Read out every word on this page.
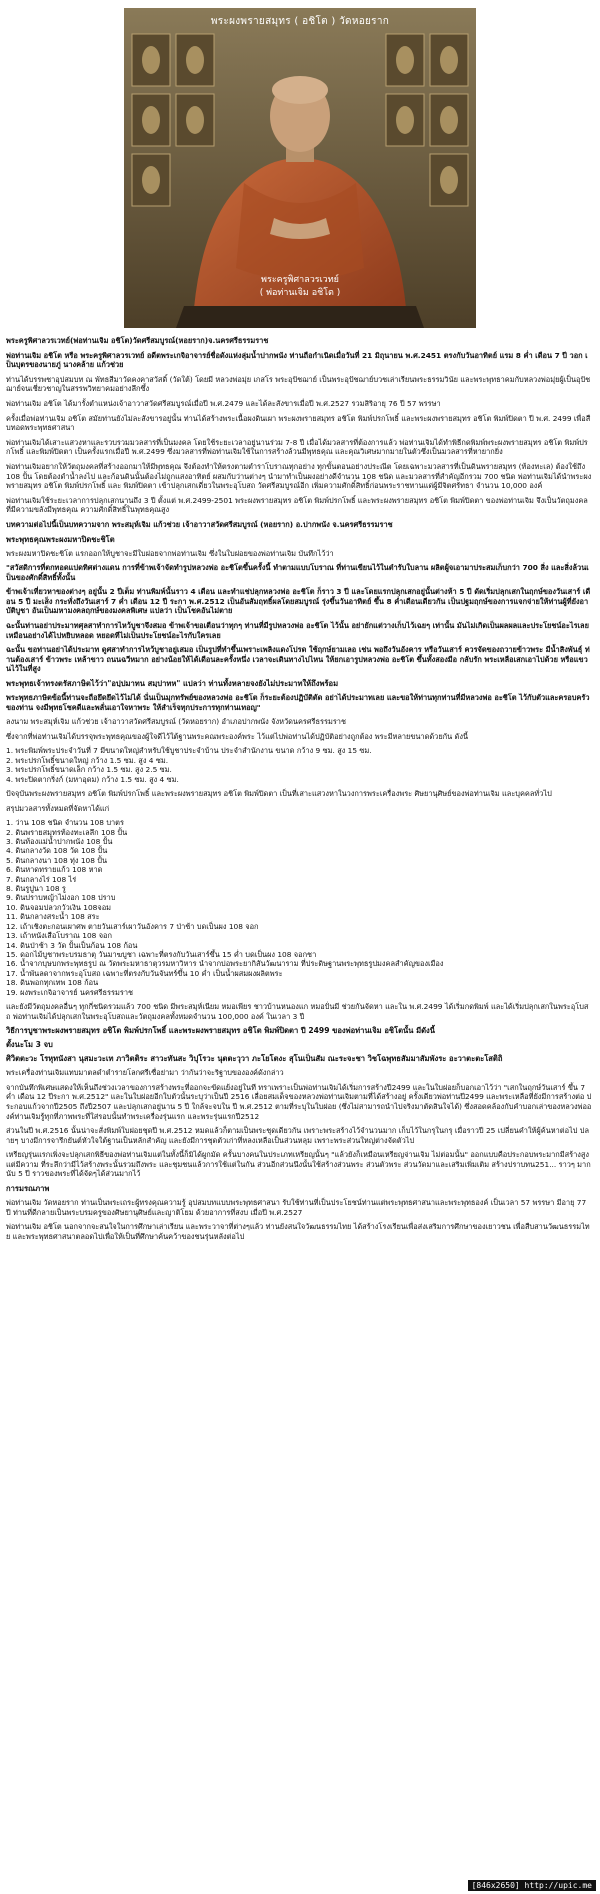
พระผงพรายสมุทร ( อชิโต ) วัดหอยราก
พระครูพิศาลวรเวทย์
( พ่อท่านเจิม อชิโต )

พระครูพิศาลวรเวทย์(พ่อท่านเจิม อชิโต)วัดศรีสมบูรณ์(หอยราก)จ.นครศรีธรรมราช

พ่อท่านเจิม อชิโต หรือ พระครูพิศาลวรเวทย์ อดีตพระเกจิอาจารย์ชื่อดังแห่งลุ่มน้ำปากพนัง ท่านถือกำเนิดเมื่อวันที่ 21 มิถุนายน พ.ศ.2451 ตรงกับวันอาทิตย์ แรม 8 ค่ำ เดือน 7 ปี วอก เป็นบุตรของนายภู่ นางคล้าย แก้วช่วย

ท่านได้บรรพชาอุปสมบท ณ พัทธสีมาวัดคงคาสวัสดิ์ (วัดใต้) โดยมี หลวงพ่อมุ่ย เกสโร พระอุปัชฌาย์ เป็นพระอุปัชฌาย์บวชเล่าเรียนพระธรรมวินัย และพระพุทธาคมกับหลวงพ่อมุ่ยผู้เป็นอุปัชฌาย์จนเชี่ยวชาญในสรรพวิทยาคมอย่างลึกซึ้ง

พ่อท่านเจิม อชิโต ได้มารั้งตำแหน่งเจ้าอาวาสวัดศรีสมบูรณ์เมื่อปี พ.ศ.2479 และได้ละสังขารเมื่อปี พ.ศ.2527 รวมสิริอายุ 76 ปี 57 พรรษา

ครั้งเมื่อพ่อท่านเจิม อชิโต สมัยท่านยังไม่ละสังขารอยู่นั้น ท่านได้สร้างพระเนื้อผงดินเผา พระผงพรายสมุทร อชิโต พิมพ์ปรกโพธิ์ และพระผงพรายสมุทร อชิโต พิมพ์ปิดตา ปี พ.ศ. 2499 เพื่อสืบทอดพระพุทธศาสนา

พ่อท่านเจิมได้เสาะแสวงหาและรวบรวมมวลสารที่เป็นมงคล โดยใช้ระยะเวลาอยู่นานร่วม 7-8 ปี เมื่อได้มวลสารที่ต้องการแล้ว พ่อท่านเจิมได้ทำพิธีกดพิมพ์พระผงพรายสมุทร อชิโต พิมพ์ปรกโพธิ์ และพิมพ์ปิดตา เป็นครั้งแรกเมื่อปี พ.ศ.2499 ซึ่งมวลสารที่พ่อท่านเจิมใช้ในการสร้างล้วนมีพุทธคุณ และคุณวิเศษมากมายในตัวซึ่งเป็นมวลสารที่หายากยิ่ง

พ่อท่านเจิมอยากให้วัตถุมงคลที่สร้างออกมาให้มีพุทธคุณ จึงต้องทำให้ตรงตามตำราโบราณทุกอย่าง ทุกขั้นตอนอย่างประณีต โดยเฉพาะมวลสารที่เป็นดินพรายสมุทร (ท้องทะเล) ต้องใช้ถึง 108 ปั้น โดยต้องดำน้ำลงไป และก้อนดินนั้นต้องไม่ถูกแสงอาทิตย์ ผสมกับว่านต่างๆ นำมาทำเป็นผงอย่างดีจำนวน 108 ชนิด และมวลสารที่สำคัญอีกรวม 700 ชนิด พ่อท่านเจิมได้นำพระผงพรายสมุทร อชิโต พิมพ์ปรกโพธิ์ และ พิมพ์ปิดตา เข้าปลุกเสกเดี่ยวในพระอุโบสถ วัดศรีสมบูรณ์อีก เพิ่มความศักดิ์สิทธิ์ก่อนพระราชทานแด่ผู้มีจิตศรัทธา จำนวน 10,000 องค์

พ่อท่านเจิมใช้ระยะเวลาการปลุกเสกนานถึง 3 ปี ตั้งแต่ พ.ศ.2499-2501 พระผงพรายสมุทร อชิโต พิมพ์ปรกโพธิ์ และพระผงพรายสมุทร อชิโต พิมพ์ปิดตา ของพ่อท่านเจิม จึงเป็นวัตถุมงคลที่มีความขลังมีพุทธคุณ ความศักดิ์สิทธิ์ในพุทธคุณสูง

บทความต่อไปนี้เป็นบทความจาก พระสมุห์เจิม แก้วช่วย เจ้าอาวาสวัดศรีสมบูรณ์ (หอยราก) อ.ปากพนัง จ.นครศรีธรรมราช

พระพุทธคุณพระผงมหาปิดชะชิโต

พระผงมหาปิดชะชิโต แรกออกให้บูชาจะมีใบฝอยจากพ่อท่านเจิม ซึ่งในใบฝอยของพ่อท่านเจิม บันทึกไว้ว่า

"สวัสดิการที่ตกทอดแปดทิศต่างแดน การที่ข้าพเจ้าจัดทำรูปหลวงพ่อ อะชิโตขึ้นครั้งนี้ ทำตามแบบโบราณ ที่ท่านเขียนไว้ในตำรับใบลาน ผลิตผู้จเอามาประสมเก็บกว่า 700 สิ่ง และสิ่งล้วนเป็นของศักดิ์สิทธิ์ทั้งนั้น

ข้าพเจ้าเที่ยวหาของต่างๆ อยู่นั้น 2 ปีเต็ม ท่านพิมพ์นั้นราว 4 เดือน และทำแช่ปลุกหลวงพ่อ อะชิโต ก็ราว 3 ปี และโดยแรกปลุกเสกอยู่นั้นต่างห้า 5 ปี ดัดเริ่มปลุกเสกในฤกษ์ของวันเสาร์ เดือน 5 ปี มะเส็ง กระทั่งถึงวันเสาร์ 7 ค่ำ เดือน 12 ปี ระกา พ.ศ.2512 เป็นอันสัมฤทธิ์ผลโดยสมบูรณ์ รุ่งขึ้นวันอาทิตย์ ขึ้น 8 ค่ำเดือนเดียวกัน เป็นปฐมฤกษ์ของการแจกจ่ายให้ท่านผู้ที่ยังอาบัติบูชา อันเป็นมหามงคลฤกษ์ของมงคลพิเศษ แปลว่า เป็นโชคอันไม่ตาย

ฉะนั้นท่านอย่าประมาทศุลสาทำการไหว้บูชาจึงสมอ ข้าพเจ้าขอเตือนว่าทุกๆ ท่านที่มีรูปหลวงพ่อ อะชิโต ไว้นั้น อย่ายักแต่วางเก็บไว้เฉยๆ เท่านั้น มันไม่เกิดเป็นผลผลและประโยชน์อะไรเลย เหมือนอย่างได้ไปหยิบหลอด หยอดทีไม่เป็นประโยชน์อะไรกับใครเลย

ฉะนั้น ขอท่านอย่าได้ประมาท ดูศสาทำการไหว้บูชาอยู่เสมอ เป็นรูปที่ทำขึ้นเพราะเพลิงแดงโปรด ใช้ฤกษ์ยามเลอ เช่น พอถึงวันอังคาร หรือวันเสาร์ ควรจัดของถวายข้าวพระ มีน้ำสิงพันธุ์ ท่านต้องเสาร์ ข้าวพระ เหล้าขาว ถนนฉวีหมาก อย่างน้อยให้ได้เดือนละครั้งหนึ่ง เวลาจะเดินทางไปไหน ให้ยกเอารูปหลวงพ่อ อะชิโต ขึ้นทั้งสองมือ กลับรัก พระเหลือเสกเอาไปด้วย หรือแขวนไว้ในที่สูง

พระพุทธเจ้าทรงตรัสภาษิตไว้ว่า"อปฺปมาทน สมฺปาทห" แปลว่า ท่านทั้งหลายจงยังไม่ประมาทให้ถึงพร้อม

พระพุทธภาษิตข้อนี้ท่านจะถือยึดยึดไว้ไม่ได้ นั่นเป็นมุกทรัพย์ของหลวงพ่อ อะชิโต ก็ระยะต้องปฏิบัติตัด อย่าได้ประมาทเลย และขอให้ท่านทุกท่านที่มีหลวงพ่อ อะชิโต ไว้กับตัวและครอบครัวของท่าน จงมีพุทธโชคดีและพลั่นเอาใจหาพระ ให้สำเร็จทุกประการทุกท่านเทอญ"

ลงนาม พระสมุห์เจิม แก้วช่วย เจ้าอาวาสวัดศรีสมบูรณ์ (วัดหอยราก) อำเภอปากพนัง จังหวัดนครศรีธรรมราช

ซึ่งจากที่พ่อท่านเจิมได้บรรจุพระพุทธคุณของผู้ใจดีไว้ใต้ฐานพระคณพระองค์พระ ไว้แต่ไปพ่อท่านได้ปฏิบัติอย่างถูกต้อง พระมีหลายขนาดด้วยกัน ดังนี้

1. พระพิมพ์พระประจำวันที่ 7 มีขนาดใหญ่สำหรับใช้บูชาประจำบ้าน ประจำสำนักงาน ขนาด กว้าง 9 ซม. สูง 15 ซม.
2. พระปรกโพธิ์ขนาดใหญ่ กว้าง 1.5 ซม. สูง 4 ซม.
3. พระปรกโพธิ์ขนาดเล็ก กว้าง 1.5 ซม. สูง 2.5 ซม.
4. พระปิดตากริ่งก์ (มหาอุดม) กว้าง 1.5 ซม. สูง 4 ซม.

ปัจจุบันพระผงพรายสมุทร อชิโต พิมพ์ปรกโพธิ์ และพระผงพรายสมุทร อชิโต พิมพ์ปิดตา เป็นที่เสาะแสวงหาในวงการพระเครื่องพระ ศิษยานุศิษย์ของพ่อท่านเจิม และบุคคลทั่วไป

สรุปมวลสารทั้งหมดที่จัดหาได้แก่
1. ว่าน 108 ชนิด จำนวน 108 บาตร
2. ดินพรายสมุทรท้องทะเลลึก 108 ปั้น
3. ดินท้องแม่น้ำปากพนัง 108 ปั้น
4. ดินกลางวัด 108 วัด 108 ปั้น
5. ดินกลางนา 108 ทุ่ง 108 ปั้น
6. ดินหาดทรายแก้ว 108 หาด
7. ดินกลางไร่ 108 ไร่
8. ดินรูปูนา 108 รู
9. ดินปราบหญ้าไม่งอก 108 ปราบ
10. ดินจอมปลวกวัวเงิน 108จอม
11. ดินกลางสระน้ำ 108 สระ
12. เถ้าเชิงตะกอนเผาศพ ตายวันเสาร์เผาวันอังคาร 7 ป่าช้า บดเป็นผง 108 จอก
13. เถ้าหนังเสือโบราณ 108 จอก
14. ดินป่าช้า 3 วัด ปั้นเป็นก้อน 108 ก้อน
15. ดอกไม้บูชาพระบรมธาตุ วันมาฆบูชา เฉพาะที่ตรงกับวันเสาร์ขึ้น 15 ค่ำ บดเป็นผง 108 จอกชา
16. น้ำจากบุษบกพระพุทธรูป ณ วัดพระมหาธาตุวรมหาวิหาร นำจากบ่อพระยากิสันวัฒนาราม ที่ประดิษฐานพระพุทธรูปมงคลสำคัญของเมือง
17. น้ำพันลดาจากพระอุโบสถ เฉพาะที่ตรงกับวันจันทร์ขึ้น 10 ค่ำ เป็นน้ำผสมผงผลิตพระ
18. ดินพอกทุกเทพ 108 ก้อน
19. ผงพระเกจิอาจารย์ นครศรีธรรมราช

และยังมีวัตถุมงคลอื่นๆ ทุกกี่ชนิดรวมแล้ว 700 ชนิด มีพระสมุห์เนียม หมอเพียร ชาวบ้านหนองแก หมอปั่นมี ช่วยกันจัดหา และใน พ.ศ.2499 ได้เริ่มกดพิมพ์ และได้เริ่มปลุกเสกในพระอุโบสถ พ่อท่านเจิมได้ปลุกเสกในพระอุโบสถและวัตถุมงคลทั้งหมดจำนวน 100,000 องค์ ในเวลา 3 ปี

วิธีการบูชาพระผงพรายสมุทร อชิโต พิมพ์ปรกโพธิ์ และพระผงพรายสมุทร อชิโต พิมพ์ปิดตา ปี 2499 ของพ่อท่านเจิม อชิโตนั้น มีดังนี้
ตั้งนะโม 3 จบ
ศิวิตตะวะ โรหุทนังสา นุสมะวะเท ภาวิตติระ สาวะทันสะ วิปุโรวะ นุตตะวุวา ภะโยโตงะ สุโนเป็นสัม ณะระจะชา วิชโฉพุทธสัมมาสัมพังระ อะวาตะตะโสติถิ

พระเครื่องท่านเจิมแทบมาตลดำตำรายโลกศรีเซื่อย่ามา ว่ากันว่าจะริฐาบขององค์ดังกล่าว

จากบันทึกพิเศษแสดงให้เห็นถึงช่วงเวลาของการสร้างพระที่ออกจะขัดแย้งอยู่ในที ทราเพราะเป็นพ่อท่านเจิมได้เริ่มการสร้างปี2499 และในใบฝอยก็บอกเอาไว้ว่า "เสกในฤกษ์วันเสาร์ ขึ้น 7 ค่ำ เดือน 12 ปีระกา พ.ศ.2512" และในใบฝอยอีกใบตัวนั้นระบุว่าเป็นปี 2516 เลื่อยสมเด็จของหลวงพ่อท่านเจิมตามที่ได้สร้างอยู่ ครั้งเดียวพ่อท่านปี2499 และพระเหลือที่ยังมีการสร้างต่อ ประกอบแก้วจากปี2505 ถึงปี2507 และปลุกเสกอยู่นาน 5 ปี ใกล้จะจบใน ปี พ.ศ.2512 ตามที่ระบุในใบฝอย (ซึ่งไม่สามารถนำไปจริงมาตัดสินใจได้) ซึ่งสอดคล้องกับคำบอกเล่าของหลวงพ่อองค์ท่านเจิมรู้ทุกที่ภาพพระที่ใส่รอบนั้นทำพระเครื่องรุ่นแรก และพระรุ่นแรกปี2512

ส่วนในปี พ.ศ.2516 นั้นน่าจะสั่งพิมพ์ใบฝอยชุดปี พ.ศ.2512 หมดแล้วก็ตามเป็นพระชุดเดียวกัน เพราะพระสร้างไว้จำนวนมาก เก็บไว้ในกรุในกรุ เมื่อราวปี 25 เปลี่ยนคำให้ผู้ค้นหาต่อไป ปลายๆ บางมีการจารึกยันต์หัวใจใต้ฐานเป็นหลักสำคัญ และยังมีการชุดตัวเก่าที่หลงเหลือเป็นส่วนหลุม เพราะพระส่วนใหญ่ต่างจัดตัวไป

เหรียญรุ่นแรกเพิ่งจะปลุกเสกพิธีของพ่อท่านเจิมแต่ในทั้งนี้ก็มิได้ผูกมัด ครั้นบางคนในประเภทเหรียญนั้นๆ "แล้วยังก็เหมือนเหรียญจ่านเจิม ไม่ต่อมนั้น" ออกแบบคือประกอบพระมากมีสร้างสูงแต่มีความ ที่ระลึกว่ามีไว้สร้างพระนั้นรวมถึงพระ และชุมชนแล้วการใช้แต่ในกัน ส่วนอีกส่วนนึงนั้นใช้สร้างส่วนพระ ส่วนตัวพระ ส่วนวัดมาและเสริมเพิ่มเติม สร้างปราบทน251... ราวๆ มากนับ 5 ปี ราวของพระที่ได้จัดๆได้ส่วนมากไว้

การมรณภาพ

พ่อท่านเจิม วัดหอยราก ท่านเป็นพระเถระผู้ทรงคุณความรู้ อุปสมบทแบบพระพุทธศาสนา รับใช้ท่านที่เป็นประโยชน์ท่านแต่พระพุทธศาสนาและพระพุทธองค์ เป็นเวลา 57 พรรษา มีอายุ 77 ปี ท่านที่ดีกลายเป็นพระบรมครูของศิษยานุศิษย์และญาติโยม ด้วยอาการที่สงบ เมื่อปี พ.ศ.2527

พ่อท่านเจิม อชิโต นอกจากจะสนใจในการศึกษาเล่าเรียน และพระวาจาที่ต่างๆแล้ว ท่านยังสนใจวัฒนธรรมไทย ได้สร้างโรงเรียนเพื่อส่งเสริมการศึกษาของเยาวชน เพื่อสืบสานวัฒนธรรมไทย และพระพุทธศาสนาตลอดไปเพื่อให้เป็นที่ศึกษาค้นคว้าของชนรุ่นหลังต่อไป

[846x2650] http://upic.me
